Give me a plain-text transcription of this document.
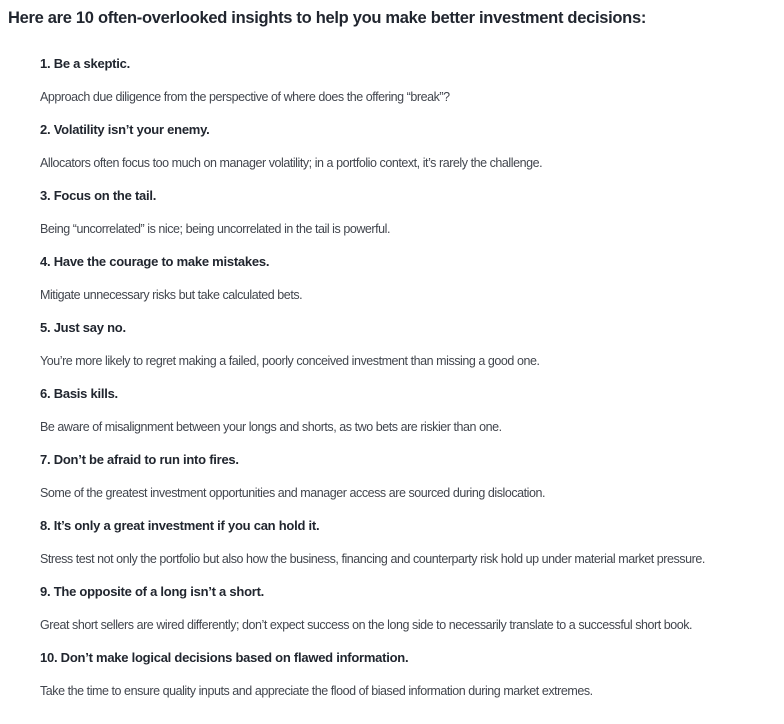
Here are 10 often-overlooked insights to help you make better investment decisions:

1. Be a skeptic.

Approach due diligence from the perspective of where does the offering “break”?

2. Volatility isn’t your enemy.

Allocators often focus too much on manager volatility; in a portfolio context, it’s rarely the challenge.

3. Focus on the tail.

Being “uncorrelated” is nice; being uncorrelated in the tail is powerful.

4. Have the courage to make mistakes.

Mitigate unnecessary risks but take calculated bets.

5. Just say no.

You’re more likely to regret making a failed, poorly conceived investment than missing a good one.

6. Basis kills.

Be aware of misalignment between your longs and shorts, as two bets are riskier than one.

7. Don’t be afraid to run into fires.

Some of the greatest investment opportunities and manager access are sourced during dislocation.

8. It’s only a great investment if you can hold it.

Stress test not only the portfolio but also how the business, financing and counterparty risk hold up under material market pressure.

9. The opposite of a long isn’t a short.

Great short sellers are wired differently; don’t expect success on the long side to necessarily translate to a successful short book.

10. Don’t make logical decisions based on flawed information.

Take the time to ensure quality inputs and appreciate the flood of biased information during market extremes.
